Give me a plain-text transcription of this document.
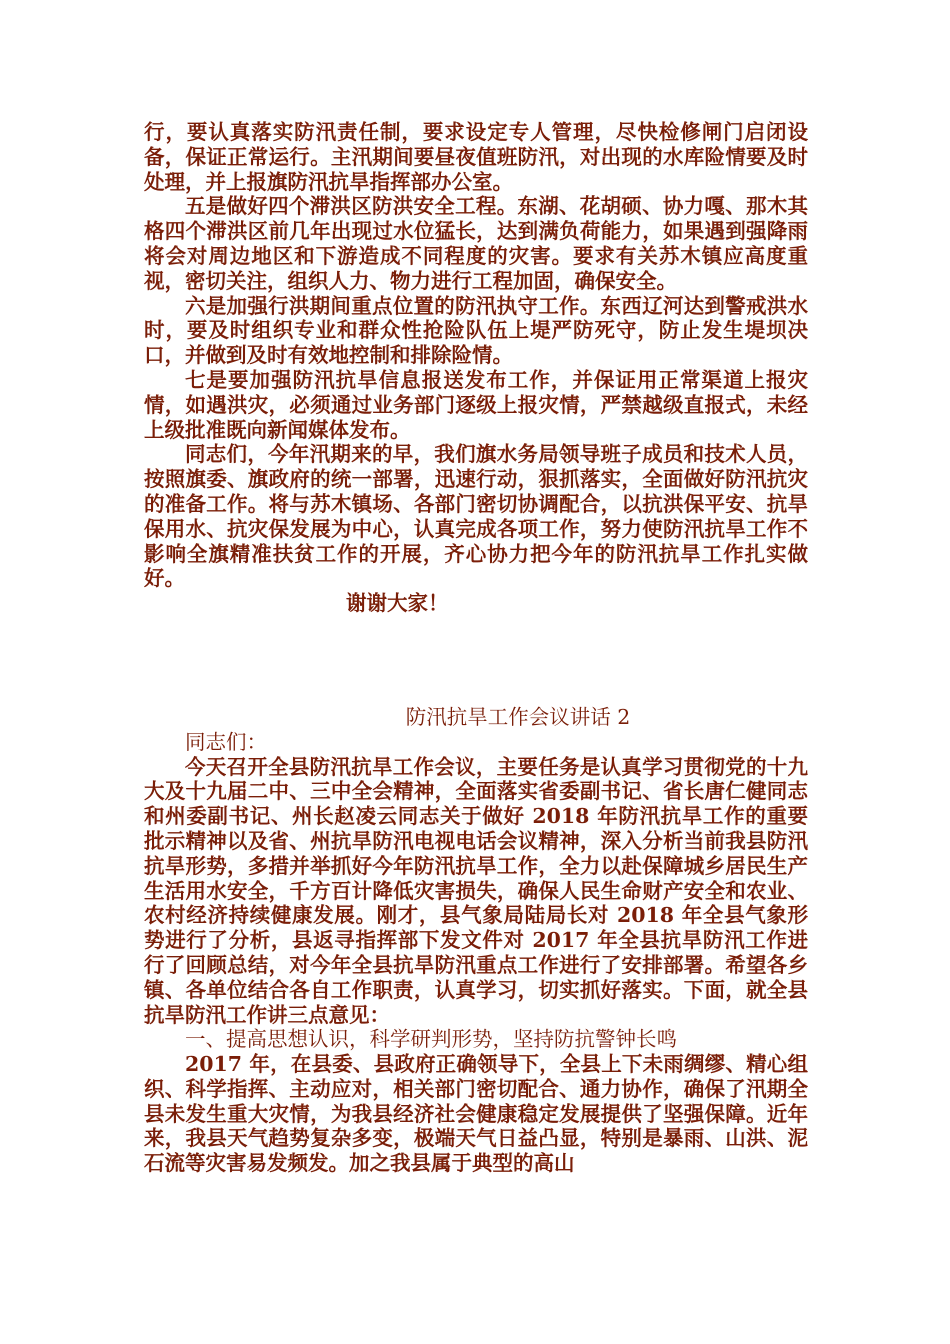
行，要认真落实防汛责任制，要求设定专人管理，尽快检修闸门启闭设备，保证正常运行。主汛期间要昼夜值班防汛，对出现的水库险情要及时处理，并上报旗防汛抗旱指挥部办公室。

五是做好四个滞洪区防洪安全工程。东湖、花胡硕、协力嘎、那木其格四个滞洪区前几年出现过水位猛长，达到满负荷能力，如果遇到强降雨将会对周边地区和下游造成不同程度的灾害。要求有关苏木镇应高度重视，密切关注，组织人力、物力进行工程加固，确保安全。

六是加强行洪期间重点位置的防汛执守工作。东西辽河达到警戒洪水时，要及时组织专业和群众性抢险队伍上堤严防死守，防止发生堤坝决口，并做到及时有效地控制和排除险情。

七是要加强防汛抗旱信息报送发布工作，并保证用正常渠道上报灾情，如遇洪灾，必须通过业务部门逐级上报灾情，严禁越级直报式，未经上级批准既向新闻媒体发布。

同志们，今年汛期来的早，我们旗水务局领导班子成员和技术人员，按照旗委、旗政府的统一部署，迅速行动，狠抓落实，全面做好防汛抗灾的准备工作。将与苏木镇场、各部门密切协调配合，以抗洪保平安、抗旱保用水、抗灾保发展为中心，认真完成各项工作，努力使防汛抗旱工作不影响全旗精准扶贫工作的开展，齐心协力把今年的防汛抗旱工作扎实做好。

谢谢大家！

防汛抗旱工作会议讲话 2

同志们：

今天召开全县防汛抗旱工作会议，主要任务是认真学习贯彻党的十九大及十九届二中、三中全会精神，全面落实省委副书记、省长唐仁健同志和州委副书记、州长赵凌云同志关于做好 2018 年防汛抗旱工作的重要批示精神以及省、州抗旱防汛电视电话会议精神，深入分析当前我县防汛抗旱形势，多措并举抓好今年防汛抗旱工作，全力以赴保障城乡居民生产生活用水安全，千方百计降低灾害损失，确保人民生命财产安全和农业、农村经济持续健康发展。刚才，县气象局陆局长对 2018 年全县气象形势进行了分析，县返寻指挥部下发文件对 2017 年全县抗旱防汛工作进行了回顾总结，对今年全县抗旱防汛重点工作进行了安排部署。希望各乡镇、各单位结合各自工作职责，认真学习，切实抓好落实。下面，就全县抗旱防汛工作讲三点意见：

一、提高思想认识，科学研判形势，坚持防抗警钟长鸣

2017 年，在县委、县政府正确领导下，全县上下未雨绸缪、精心组织、科学指挥、主动应对，相关部门密切配合、通力协作，确保了汛期全县未发生重大灾情，为我县经济社会健康稳定发展提供了坚强保障。近年来，我县天气趋势复杂多变，极端天气日益凸显，特别是暴雨、山洪、泥石流等灾害易发频发。加之我县属于典型的高山
